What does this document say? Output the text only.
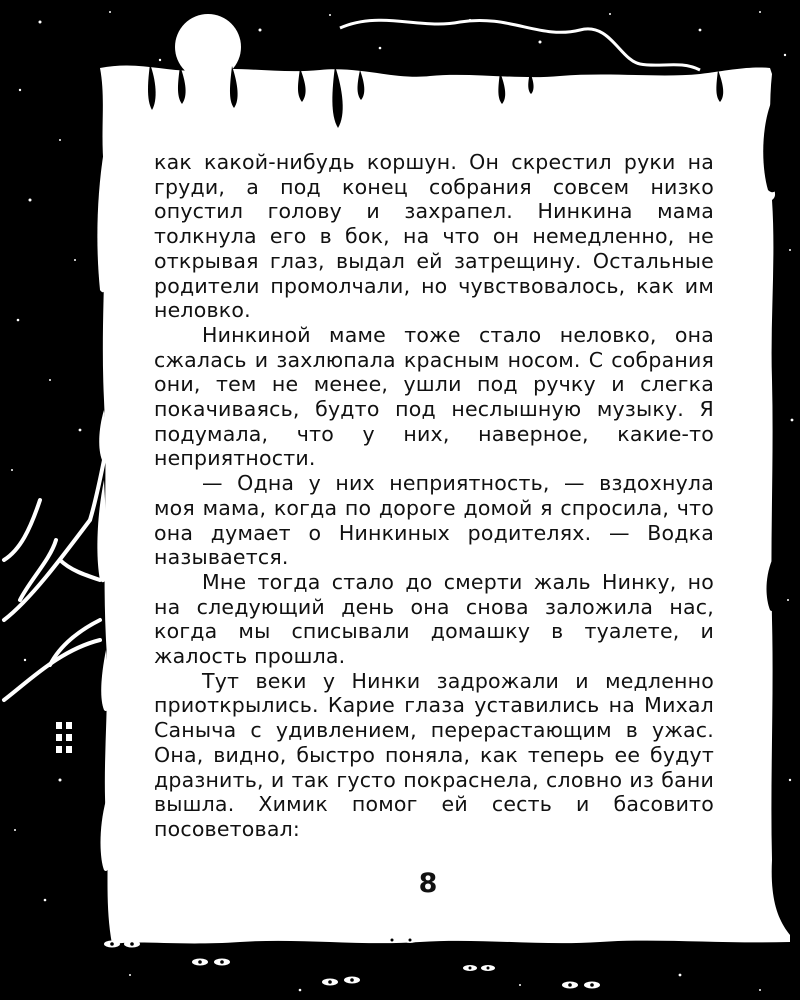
как какой-нибудь коршун. Он скрестил руки на груди, а под конец собрания совсем низко опустил голову и захрапел. Нинкина мама толкнула его в бок, на что он немедленно, не открывая глаз, выдал ей затрещину. Остальные родители промолчали, но чувствовалось, как им неловко.

Нинкиной маме тоже стало неловко, она сжалась и захлюпала красным носом. С собрания они, тем не менее, ушли под ручку и слегка покачиваясь, будто под неслышную музыку. Я подумала, что у них, наверное, какие-то неприятности.

— Одна у них неприятность, — вздохнула моя мама, когда по дороге домой я спросила, что она думает о Нинкиных родителях. — Водка называется.

Мне тогда стало до смерти жаль Нинку, но на следующий день она снова заложила нас, когда мы списывали домашку в туалете, и жалость прошла.

Тут веки у Нинки задрожали и медленно приоткрылись. Карие глаза уставились на Михал Саныча с удивлением, перерастающим в ужас. Она, видно, быстро поняла, как теперь ее будут дразнить, и так густо покраснела, словно из бани вышла. Химик помог ей сесть и басовито посоветовал:

8
